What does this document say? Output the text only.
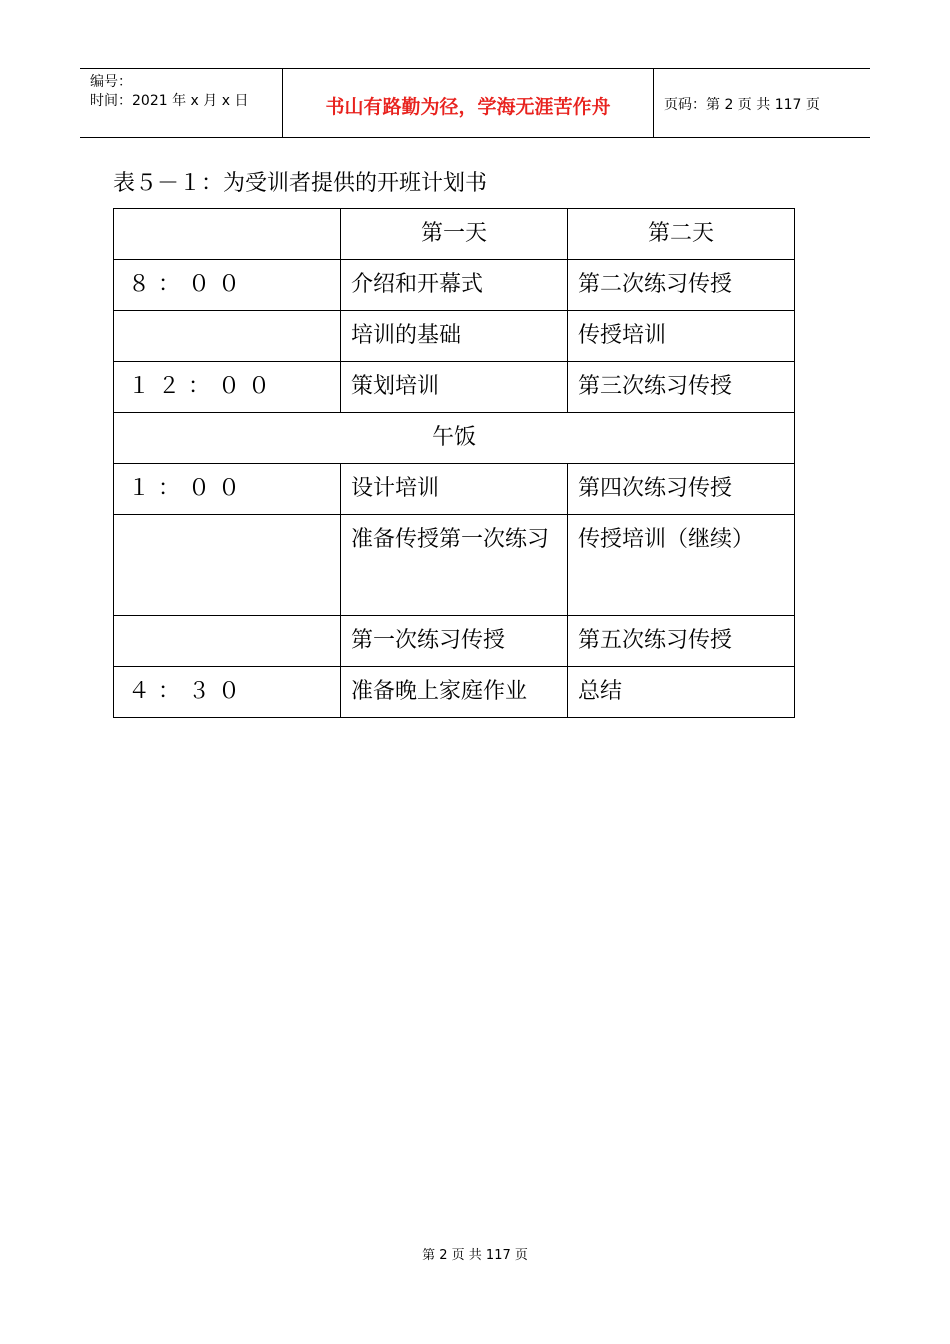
编号：
时间：2021 年 x 月 x 日	书山有路勤为径，学海无涯苦作舟	页码：第 2 页 共 117 页
表５－１：为受训者提供的开班计划书
	第一天	第二天
８：００	介绍和开幕式	第二次练习传授
	培训的基础	传授培训
１２：００	策划培训	第三次练习传授
午饭		
１：００	设计培训	第四次练习传授
	准备传授第一次练习	传授培训（继续）
	第一次练习传授	第五次练习传授
４：３０	准备晚上家庭作业	总结
第 2 页 共 117 页
